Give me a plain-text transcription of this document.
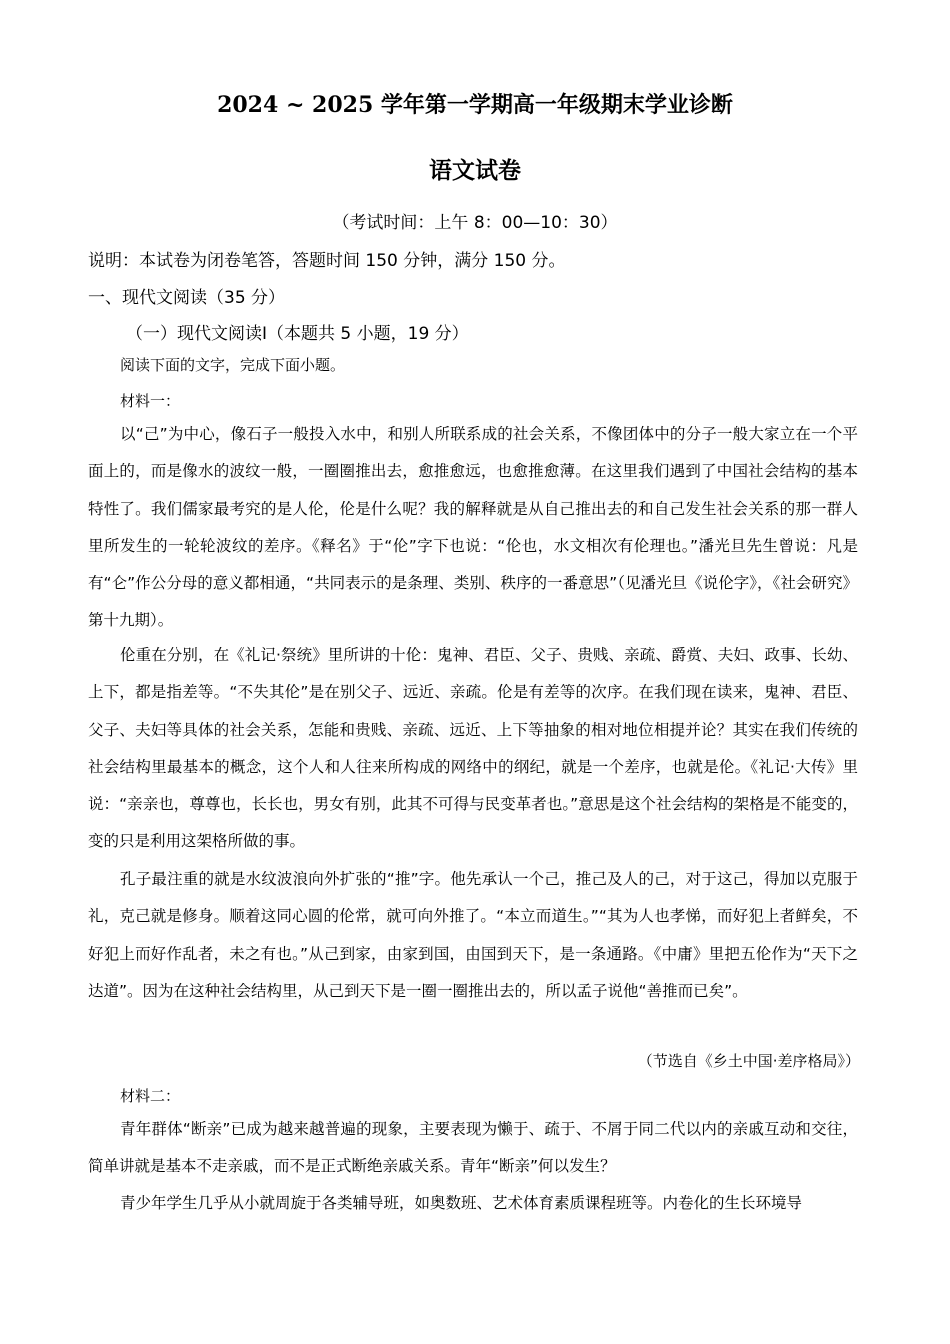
2024 ~ 2025 学年第一学期高一年级期末学业诊断
语文试卷
（考试时间：上午 8：00—10：30）
说明：本试卷为闭卷笔答，答题时间 150 分钟，满分 150 分。
一、现代文阅读（35 分）
（一）现代文阅读Ⅰ（本题共 5 小题，19 分）
阅读下面的文字，完成下面小题。
材料一：

以“己”为中心，像石子一般投入水中，和别人所联系成的社会关系，不像团体中的分子一般大家立在一个平面上的，而是像水的波纹一般，一圈圈推出去，愈推愈远，也愈推愈薄。在这里我们遇到了中国社会结构的基本特性了。我们儒家最考究的是人伦，伦是什么呢？我的解释就是从自己推出去的和自己发生社会关系的那一群人里所发生的一轮轮波纹的差序。《释名》于“伦”字下也说：“伦也，水文相次有伦理也。”潘光旦先生曾说：凡是有“仑”作公分母的意义都相通，“共同表示的是条理、类别、秩序的一番意思”（见潘光旦《说伦字》，《社会研究》第十九期）。

伦重在分别，在《礼记·祭统》里所讲的十伦：鬼神、君臣、父子、贵贱、亲疏、爵赏、夫妇、政事、长幼、上下，都是指差等。“不失其伦”是在别父子、远近、亲疏。伦是有差等的次序。在我们现在读来，鬼神、君臣、父子、夫妇等具体的社会关系，怎能和贵贱、亲疏、远近、上下等抽象的相对地位相提并论？其实在我们传统的社会结构里最基本的概念，这个人和人往来所构成的网络中的纲纪，就是一个差序，也就是伦。《礼记·大传》里说：“亲亲也，尊尊也，长长也，男女有别，此其不可得与民变革者也。”意思是这个社会结构的架格是不能变的，变的只是利用这架格所做的事。

孔子最注重的就是水纹波浪向外扩张的“推”字。他先承认一个己，推己及人的己，对于这己，得加以克服于礼，克己就是修身。顺着这同心圆的伦常，就可向外推了。“本立而道生。”“其为人也孝悌，而好犯上者鲜矣，不好犯上而好作乱者，未之有也。”从己到家，由家到国，由国到天下，是一条通路。《中庸》里把五伦作为“天下之达道”。因为在这种社会结构里，从己到天下是一圈一圈推出去的，所以孟子说他“善推而已矣”。

（节选自《乡土中国·差序格局》）
材料二：

青年群体“断亲”已成为越来越普遍的现象，主要表现为懒于、疏于、不屑于同二代以内的亲戚互动和交往，简单讲就是基本不走亲戚，而不是正式断绝亲戚关系。青年“断亲”何以发生？

青少年学生几乎从小就周旋于各类辅导班，如奥数班、艺术体育素质课程班等。内卷化的生长环境导
